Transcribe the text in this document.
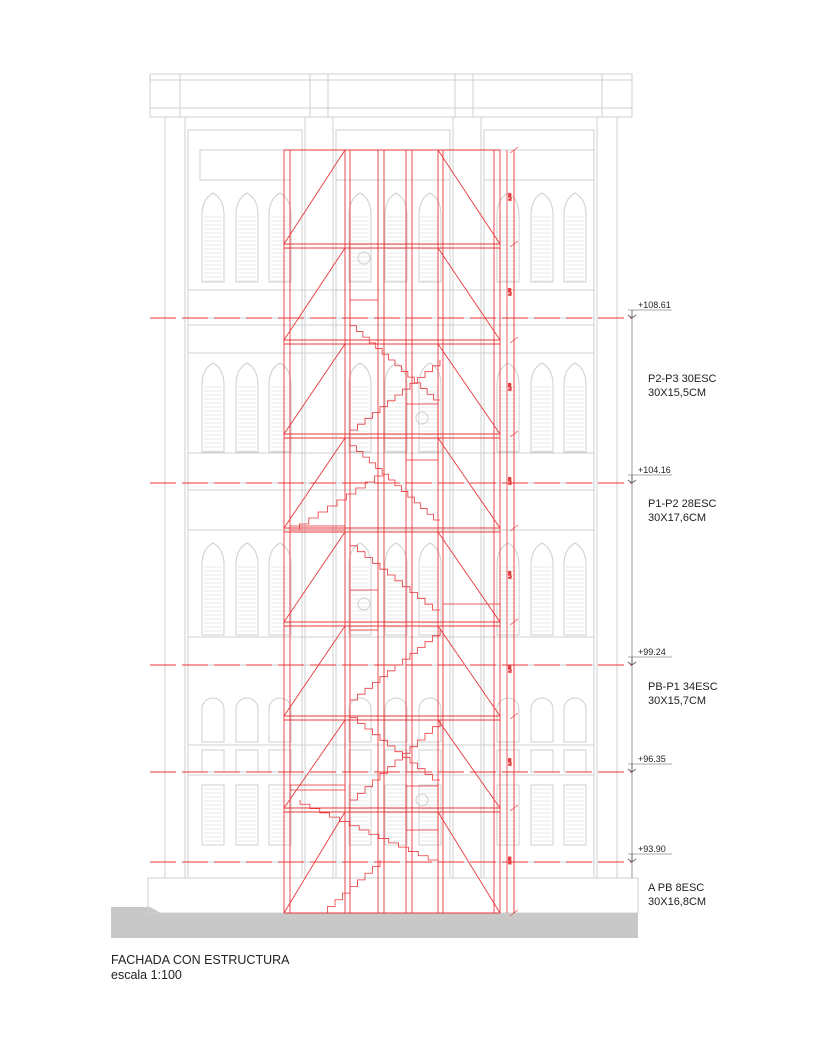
2,50
2,55
2,55
2,55
2,55
2,55
2,55
2,55
+108.61
+104.16
+99.24
+96.35
+93.90
P2-P3 30ESC
30X15,5CM
P1-P2 28ESC
30X17,6CM
PB-P1 34ESC
30X15,7CM
A PB 8ESC
30X16,8CM
FACHADA CON ESTRUCTURA
escala 1:100
